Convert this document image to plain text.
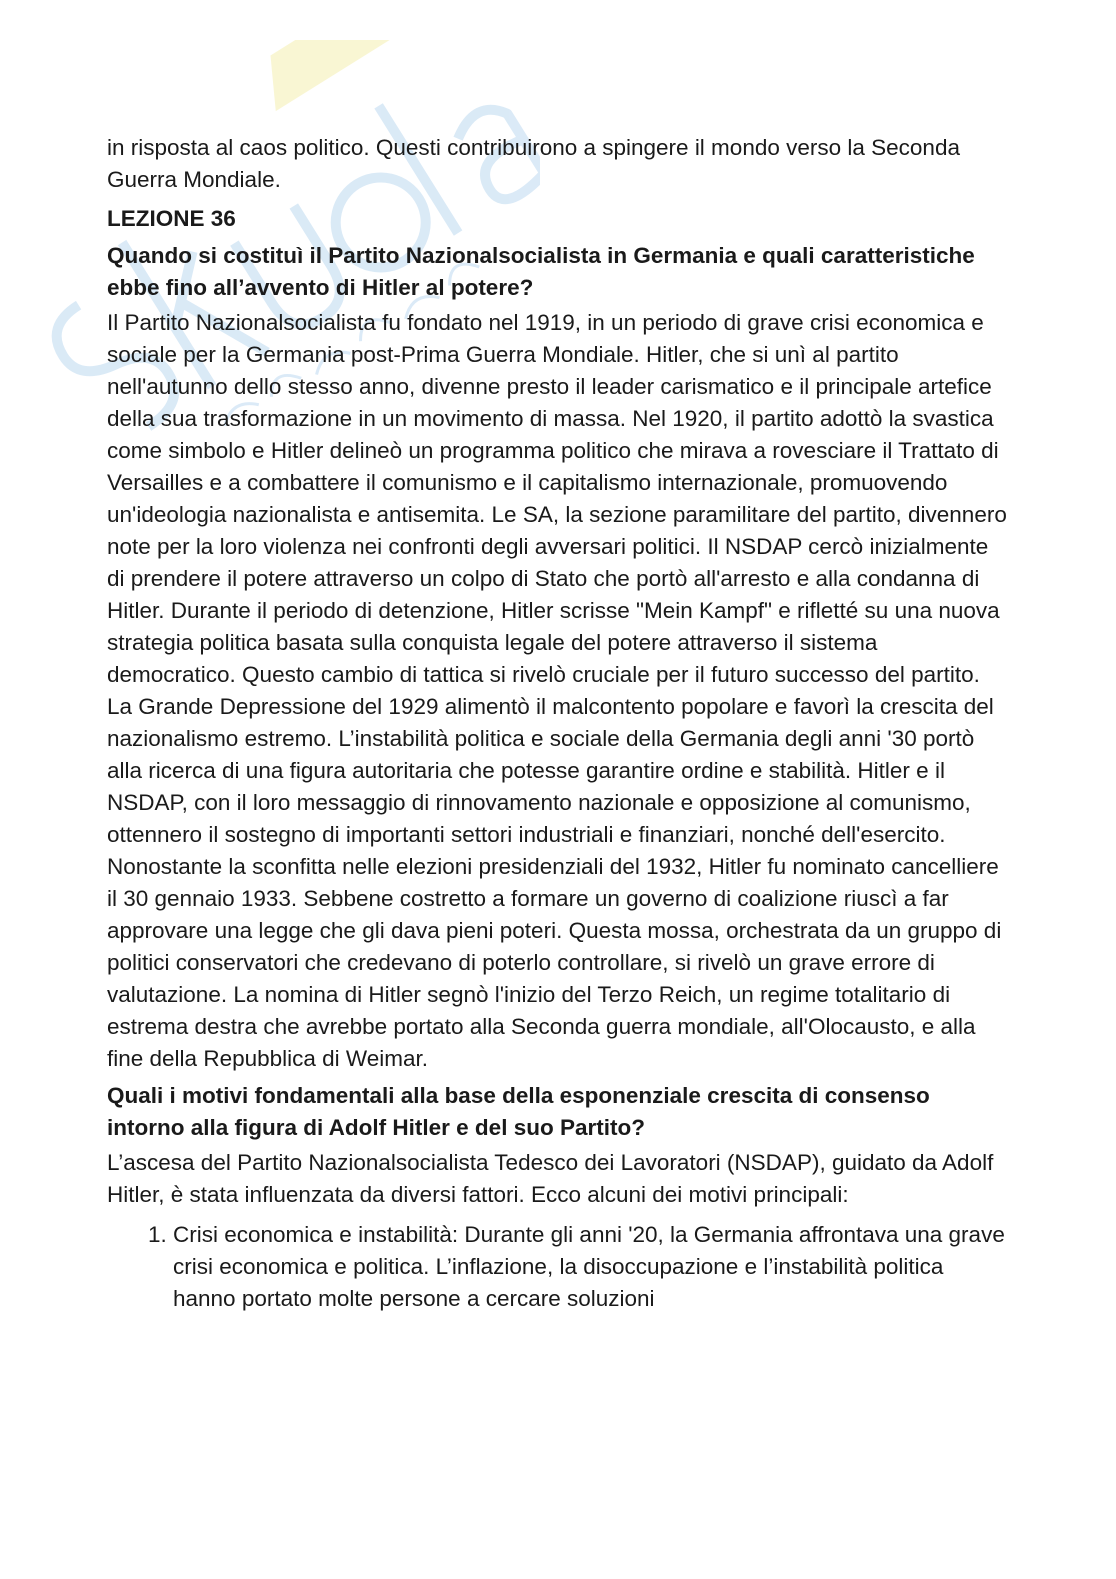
in risposta al caos politico. Questi contribuirono a spingere il mondo verso la Seconda Guerra Mondiale.

LEZIONE 36

Quando si costituì il Partito Nazionalsocialista in Germania e quali caratteristiche ebbe fino all’avvento di Hitler al potere?

Il Partito Nazionalsocialista fu fondato nel 1919, in un periodo di grave crisi economica e sociale per la Germania post-Prima Guerra Mondiale. Hitler, che si unì al partito nell'autunno dello stesso anno, divenne presto il leader carismatico e il principale artefice della sua trasformazione in un movimento di massa. Nel 1920, il partito adottò la svastica come simbolo e Hitler delineò un programma politico che mirava a rovesciare il Trattato di Versailles e a combattere il comunismo e il capitalismo internazionale, promuovendo un'ideologia nazionalista e antisemita. Le SA, la sezione paramilitare del partito, divennero note per la loro violenza nei confronti degli avversari politici. Il NSDAP cercò inizialmente di prendere il potere attraverso un colpo di Stato che portò all'arresto e alla condanna di Hitler. Durante il periodo di detenzione, Hitler scrisse "Mein Kampf" e rifletté su una nuova strategia politica basata sulla conquista legale del potere attraverso il sistema democratico. Questo cambio di tattica si rivelò cruciale per il futuro successo del partito. La Grande Depressione del 1929 alimentò il malcontento popolare e favorì la crescita del nazionalismo estremo. L’instabilità politica e sociale della Germania degli anni '30 portò alla ricerca di una figura autoritaria che potesse garantire ordine e stabilità. Hitler e il NSDAP, con il loro messaggio di rinnovamento nazionale e opposizione al comunismo, ottennero il sostegno di importanti settori industriali e finanziari, nonché dell'esercito. Nonostante la sconfitta nelle elezioni presidenziali del 1932, Hitler fu nominato cancelliere il 30 gennaio 1933. Sebbene costretto a formare un governo di coalizione riuscì a far approvare una legge che gli dava pieni poteri. Questa mossa, orchestrata da un gruppo di politici conservatori che credevano di poterlo controllare, si rivelò un grave errore di valutazione. La nomina di Hitler segnò l'inizio del Terzo Reich, un regime totalitario di estrema destra che avrebbe portato alla Seconda guerra mondiale, all'Olocausto, e alla fine della Repubblica di Weimar.

Quali i motivi fondamentali alla base della esponenziale crescita di consenso intorno alla figura di Adolf Hitler e del suo Partito?

L’ascesa del Partito Nazionalsocialista Tedesco dei Lavoratori (NSDAP), guidato da Adolf Hitler, è stata influenzata da diversi fattori. Ecco alcuni dei motivi principali:

1. Crisi economica e instabilità: Durante gli anni '20, la Germania affrontava una grave crisi economica e politica. L’inflazione, la disoccupazione e l’instabilità politica hanno portato molte persone a cercare soluzioni
